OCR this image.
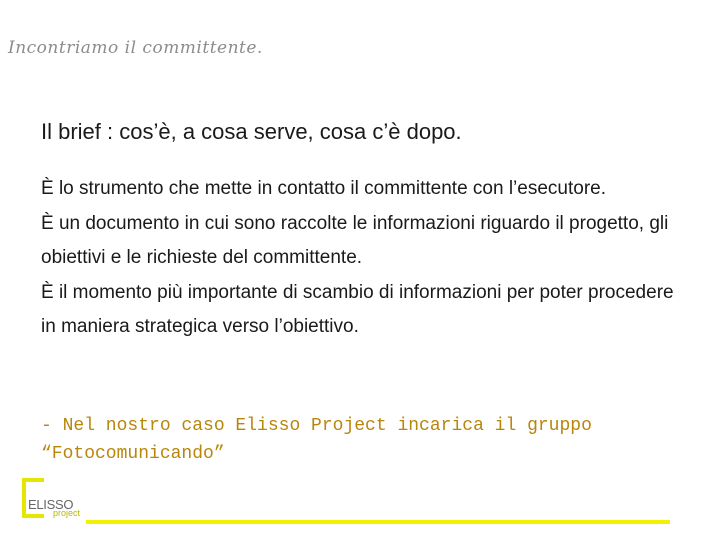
Incontriamo il committente.
Il brief : cos’è, a cosa serve, cosa c’è dopo.

È lo strumento che mette in contatto il committente con l’esecutore.

È un documento in cui sono raccolte le informazioni riguardo il progetto, gli obiettivi e le richieste del committente.

È il momento più importante di scambio di informazioni per poter procedere in maniera strategica verso l’obiettivo.

- Nel nostro caso Elisso Project incarica il gruppo “Fotocomunicando”
ELISSO
project
